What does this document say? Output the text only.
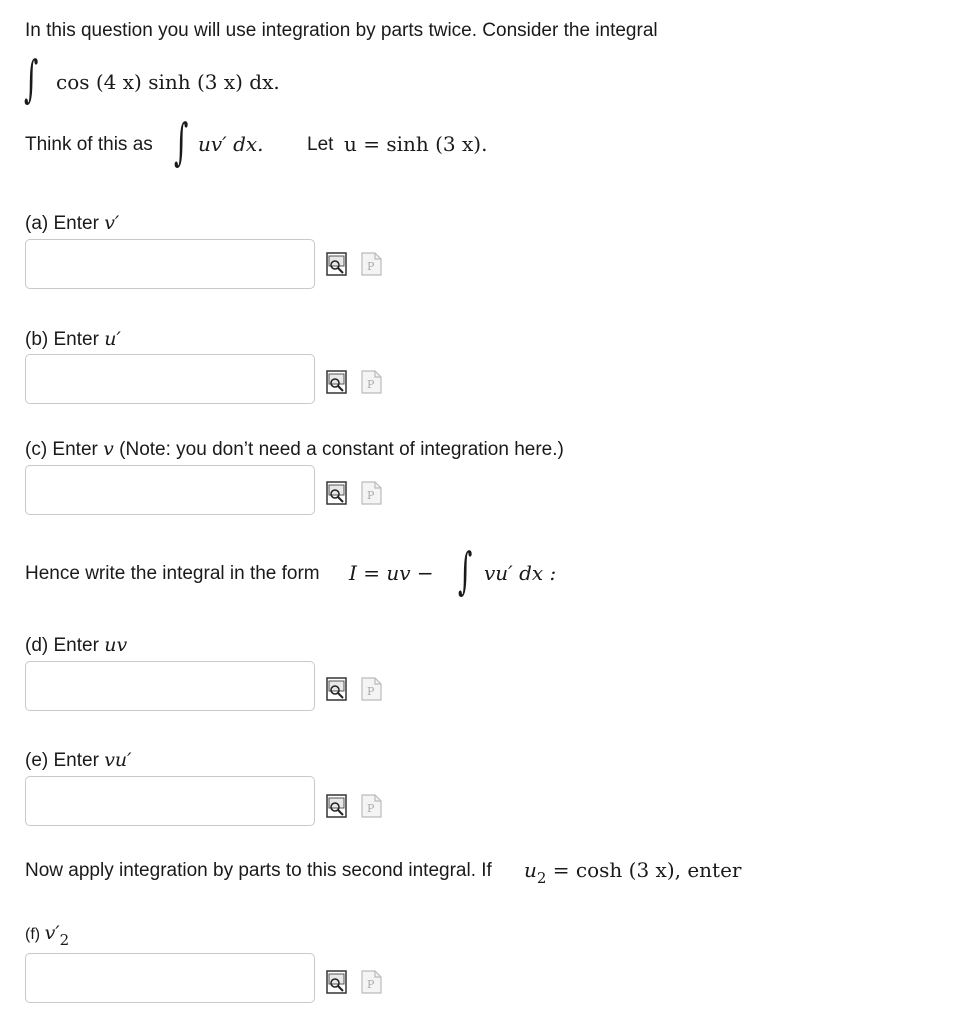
In this question you will use integration by parts twice. Consider the integral
∫ cos (4 x) sinh (3 x) dx.
Think of this as ∫ uv′ dx. Let u = sinh (3 x).
(a) Enter v′
P
(b) Enter u′
P
(c) Enter v (Note: you don’t need a constant of integration here.)
P
Hence write the integral in the form I = uv − ∫ vu′ dx :
(d) Enter uv
P
(e) Enter vu′
P
Now apply integration by parts to this second integral. If $u_2 = \cosh (3$ x), enter
(f) $v'_2$
P
